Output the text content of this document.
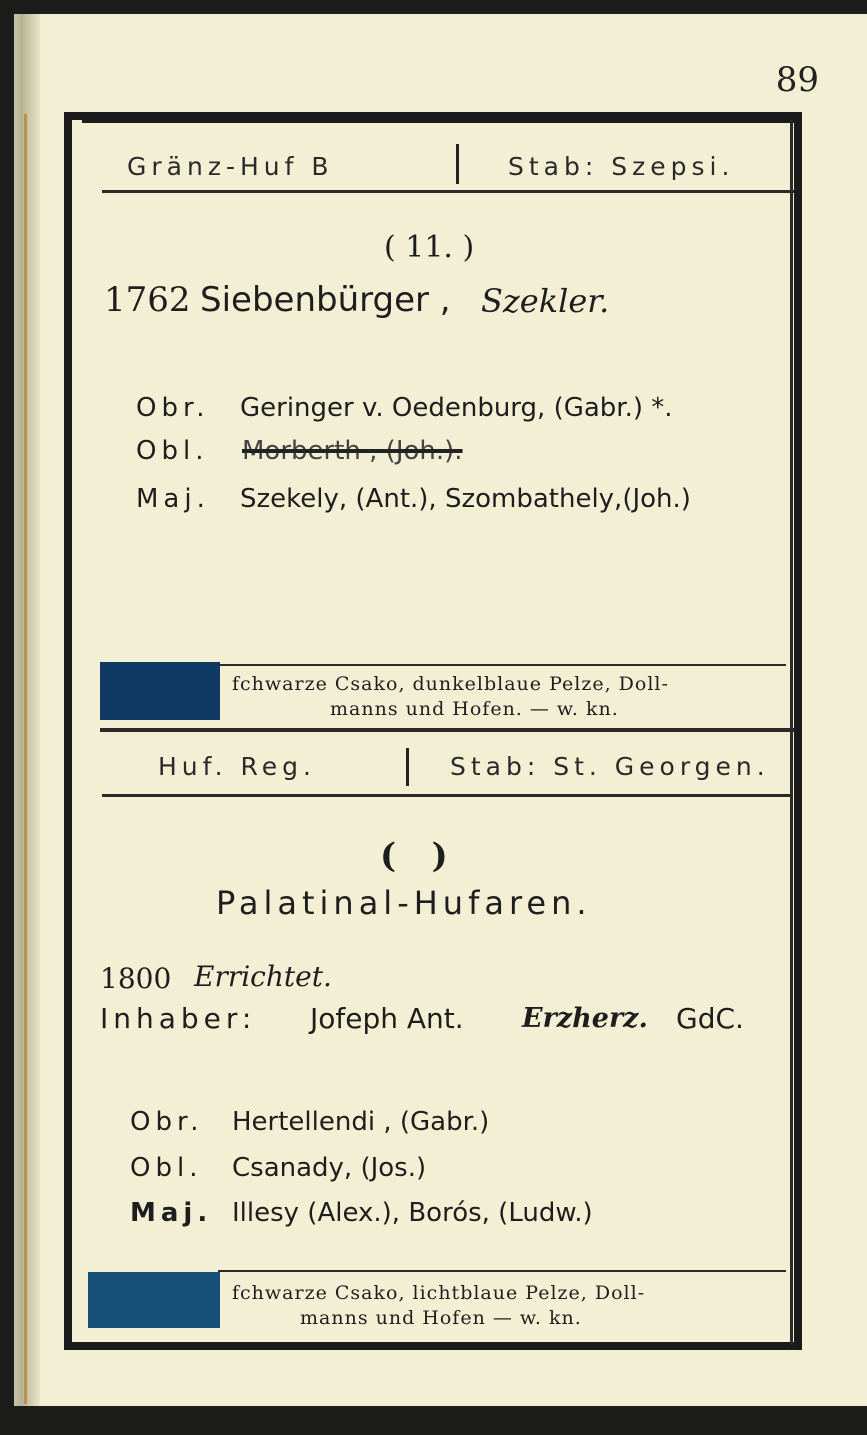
89
Gränz-Huf B	Stab: Szepsi.
( 11. )
1762 Siebenbürger , Szekler.
Obr. Geringer v. Oedenburg, (Gabr.) *.
Obl. Morberth , (Joh.).
Maj. Szekely, (Ant.), Szombathely,(Joh.)
fchwarze Csako, dunkelblaue Pelze, Doll-
manns und Hofen. — w. kn.
Huf. Reg.	Stab: St. Georgen.
(   )
Palatinal-Hufaren.
1800 Errichtet.
Inhaber: Jofeph Ant. Erzherz. GdC.
Obr. Hertellendi , (Gabr.)
Obl. Csanady, (Jos.)
Maj. Illesy (Alex.), Borós, (Ludw.)
fchwarze Csako, lichtblaue Pelze, Doll-
manns und Hofen — w. kn.
